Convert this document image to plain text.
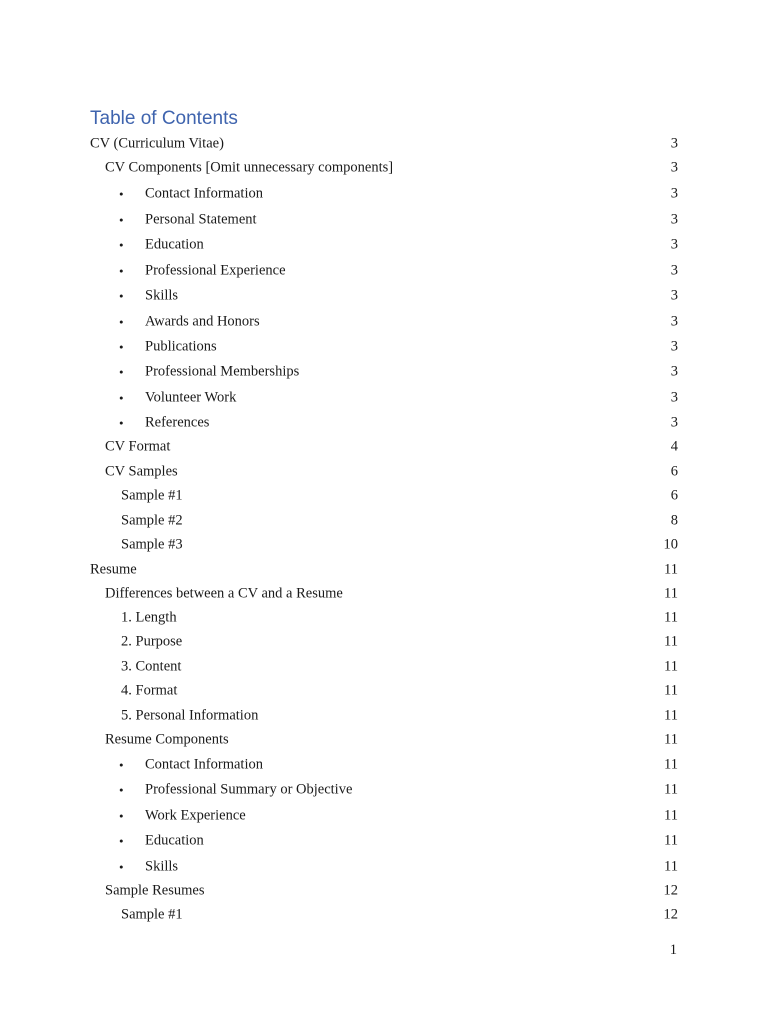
Table of Contents
CV (Curriculum Vitae)	3
CV Components [Omit unnecessary components]	3
•	Contact Information	3
•	Personal Statement	3
•	Education	3
•	Professional Experience	3
•	Skills	3
•	Awards and Honors	3
•	Publications	3
•	Professional Memberships	3
•	Volunteer Work	3
•	References	3
CV Format	4
CV Samples	6
Sample #1	6
Sample #2	8
Sample #3	10
Resume	11
Differences between a CV and a Resume	11
1. Length	11
2. Purpose	11
3. Content	11
4. Format	11
5. Personal Information	11
Resume Components	11
•	Contact Information	11
•	Professional Summary or Objective	11
•	Work Experience	11
•	Education	11
•	Skills	11
Sample Resumes	12
Sample #1	12
1
